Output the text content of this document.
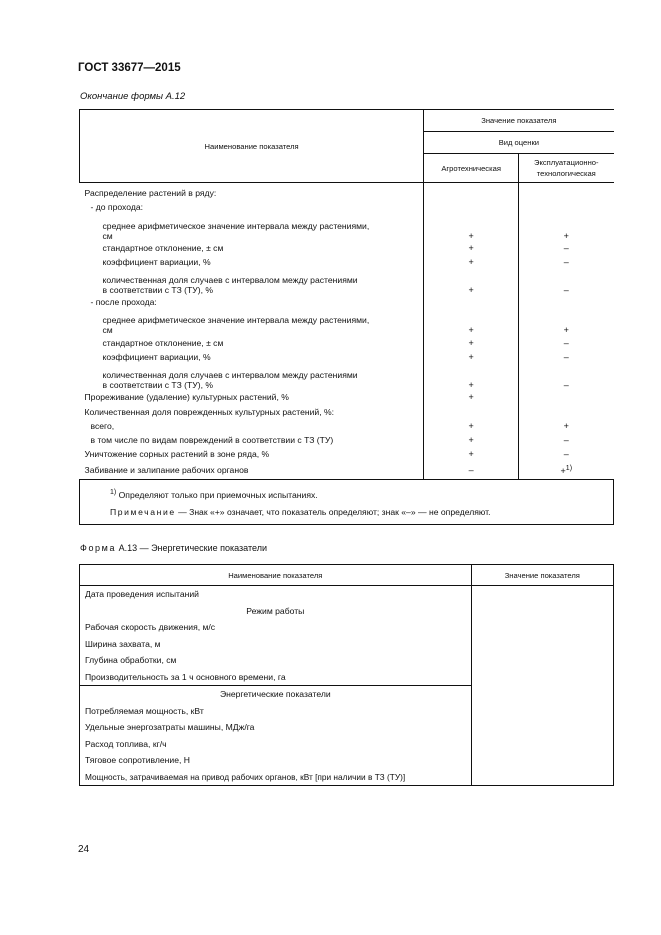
ГОСТ 33677—2015
Окончание формы А.12
Наименование показателя	Значение показателя	
	Вид оценки	
	Агротехническая	Эксплуатационно-
технологическая
Распределение растений в ряду:		
- до прохода:		
среднее арифметическое значение интервала между растениями,
см	+	+
стандартное отклонение, ± см	+	–
коэффициент вариации, %	+	–
количественная доля случаев с интервалом между растениями
в соответствии с ТЗ (ТУ), %	+	–
- после прохода:		
среднее арифметическое значение интервала между растениями,
см	+	+
стандартное отклонение, ± см	+	–
коэффициент вариации, %	+	–
количественная доля случаев с интервалом между растениями
в соответствии с ТЗ (ТУ), %	+	–
Прореживание (удаление) культурных растений, %	+	
Количественная доля поврежденных культурных растений, %:		
всего,	+	+
в том числе по видам повреждений в соответствии с ТЗ (ТУ)	+	–
Уничтожение сорных растений в зоне ряда, %	+	–
Забивание и залипание рабочих органов	–	+$^{1)}$

$^{1)}$ Определяют только при приемочных испытаниях.
Примечание — Знак «+» означает, что показатель определяют; знак «–» — не определяют.		
Форма А.13 — Энергетические показатели
Наименование показателя	Значение показателя
Дата проведения испытаний	
Режим работы	
Рабочая скорость движения, м/с	
Ширина захвата, м	
Глубина обработки, см	
Производительность за 1 ч основного времени, га	
Энергетические показатели	
Потребляемая мощность, кВт	
Удельные энергозатраты машины, МДж/га	
Расход топлива, кг/ч	
Тяговое сопротивление, Н	
Мощность, затрачиваемая на привод рабочих органов, кВт [при наличии в ТЗ (ТУ)]	
24
